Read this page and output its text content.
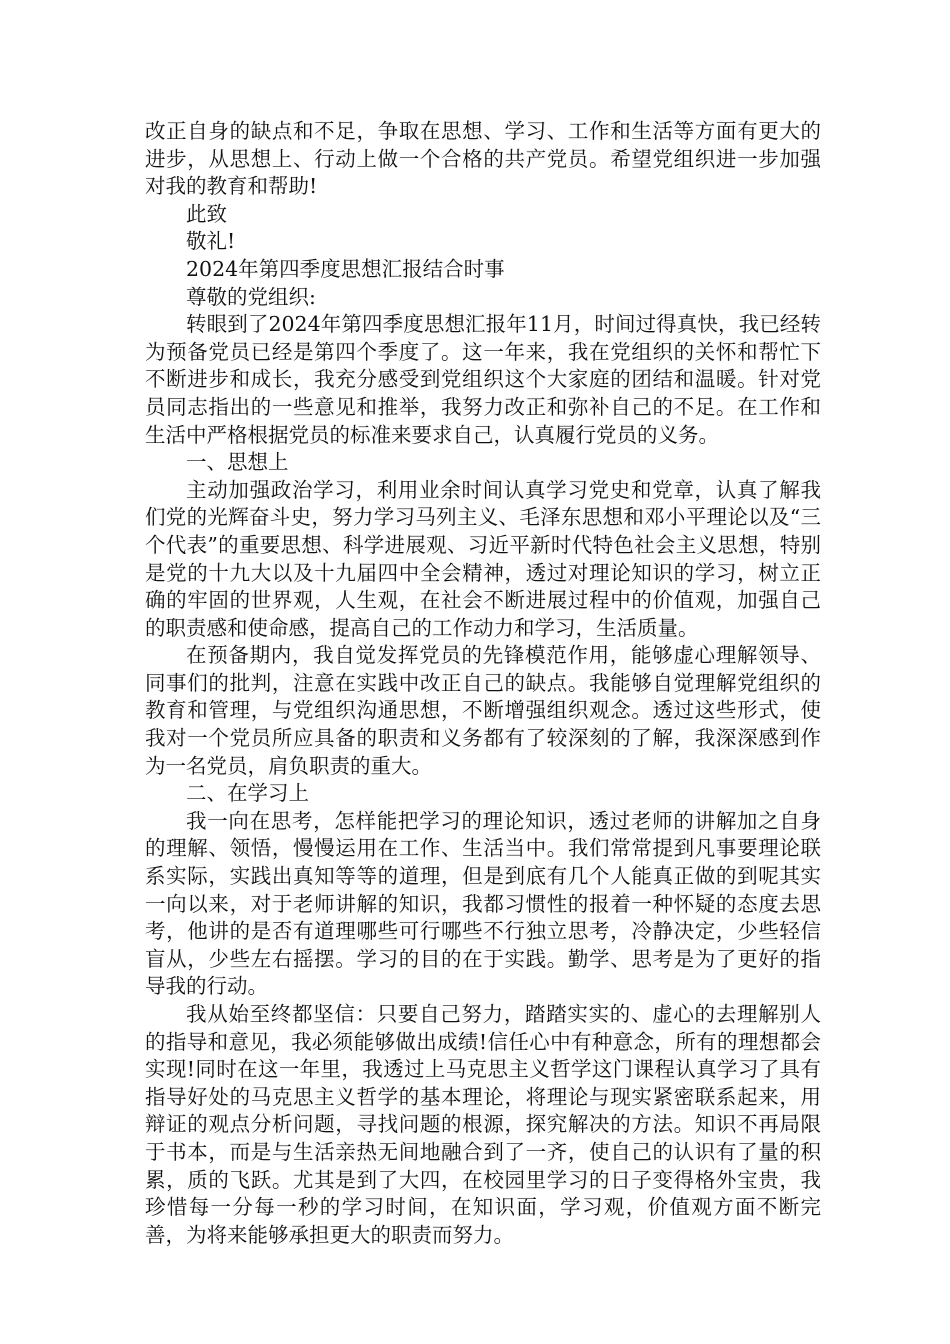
改正自身的缺点和不足，争取在思想、学习、工作和生活等方面有更大的进步，从思想上、行动上做一个合格的共产党员。希望党组织进一步加强对我的教育和帮助!

此致

敬礼!

2024年第四季度思想汇报结合时事

尊敬的党组织:

转眼到了2024年第四季度思想汇报年11月，时间过得真快，我已经转为预备党员已经是第四个季度了。这一年来，我在党组织的关怀和帮忙下不断进步和成长，我充分感受到党组织这个大家庭的团结和温暖。针对党员同志指出的一些意见和推举，我努力改正和弥补自己的不足。在工作和生活中严格根据党员的标准来要求自己，认真履行党员的义务。

一、思想上

主动加强政治学习，利用业余时间认真学习党史和党章，认真了解我们党的光辉奋斗史，努力学习马列主义、毛泽东思想和邓小平理论以及“三个代表”的重要思想、科学进展观、习近平新时代特色社会主义思想，特别是党的十九大以及十九届四中全会精神，透过对理论知识的学习，树立正确的牢固的世界观，人生观，在社会不断进展过程中的价值观，加强自己的职责感和使命感，提高自己的工作动力和学习，生活质量。

在预备期内，我自觉发挥党员的先锋模范作用，能够虚心理解领导、同事们的批判，注意在实践中改正自己的缺点。我能够自觉理解党组织的教育和管理，与党组织沟通思想，不断增强组织观念。透过这些形式，使我对一个党员所应具备的职责和义务都有了较深刻的了解，我深深感到作为一名党员，肩负职责的重大。

二、在学习上

我一向在思考，怎样能把学习的理论知识，透过老师的讲解加之自身的理解、领悟，慢慢运用在工作、生活当中。我们常常提到凡事要理论联系实际，实践出真知等等的道理，但是到底有几个人能真正做的到呢其实一向以来，对于老师讲解的知识，我都习惯性的报着一种怀疑的态度去思考，他讲的是否有道理哪些可行哪些不行独立思考，冷静决定，少些轻信盲从，少些左右摇摆。学习的目的在于实践。勤学、思考是为了更好的指导我的行动。

我从始至终都坚信：只要自己努力，踏踏实实的、虚心的去理解别人的指导和意见，我必须能够做出成绩!信任心中有种意念，所有的理想都会实现!同时在这一年里，我透过上马克思主义哲学这门课程认真学习了具有指导好处的马克思主义哲学的基本理论，将理论与现实紧密联系起来，用辩证的观点分析问题，寻找问题的根源，探究解决的方法。知识不再局限于书本，而是与生活亲热无间地融合到了一齐，使自己的认识有了量的积累，质的飞跃。尤其是到了大四，在校园里学习的日子变得格外宝贵，我珍惜每一分每一秒的学习时间，在知识面，学习观，价值观方面不断完善，为将来能够承担更大的职责而努力。
